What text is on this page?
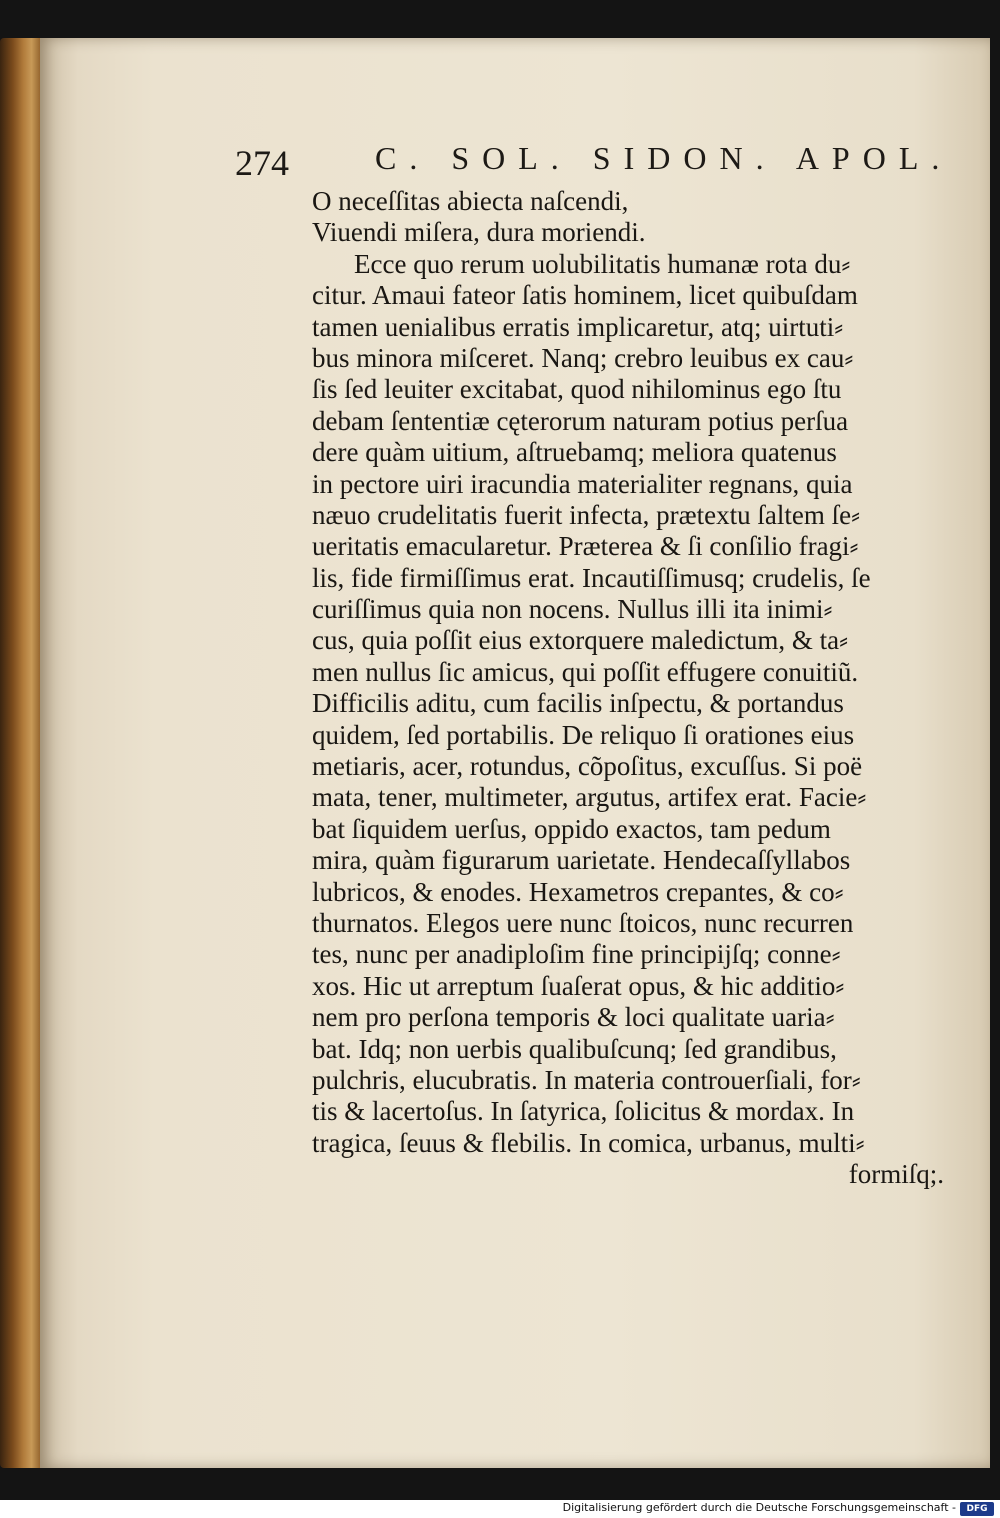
274	C. SOL. SIDON. APOL.
O neceſſitas abiecta naſcendi,
Viuendi miſera, dura moriendi.
Ecce quo rerum uolubilitatis humanæ rota du⸗
citur. Amaui fateor ſatis hominem, licet quibuſdam
tamen uenialibus erratis implicaretur, atq; uirtuti⸗
bus minora miſceret. Nanq; crebro leuibus ex cau⸗
ſis ſed leuiter excitabat, quod nihilominus ego ſtu
debam ſententiæ cęterorum naturam potius perſua
dere quàm uitium, aſtruebamq; meliora quatenus
in pectore uiri iracundia materialiter regnans, quia
næuo crudelitatis fuerit infecta, prætextu ſaltem ſe⸗
ueritatis emacularetur. Præterea & ſi conſilio fragi⸗
lis, fide firmiſſimus erat. Incautiſſimusq; crudelis, ſe
curiſſimus quia non nocens. Nullus illi ita inimi⸗
cus, quia poſſit eius extorquere maledictum, & ta⸗
men nullus ſic amicus, qui poſſit effugere conuitiũ.
Difficilis aditu, cum facilis inſpectu, & portandus
quidem, ſed portabilis. De reliquo ſi orationes eius
metiaris, acer, rotundus, cõpoſitus, excuſſus. Si poë
mata, tener, multimeter, argutus, artifex erat. Facie⸗
bat ſiquidem uerſus, oppido exactos, tam pedum
mira, quàm figurarum uarietate. Hendecaſſyllabos
lubricos, & enodes. Hexametros crepantes, & co⸗
thurnatos. Elegos uere nunc ſtoicos, nunc recurren
tes, nunc per anadiploſim fine principijſq; conne⸗
xos. Hic ut arreptum ſuaſerat opus, & hic additio⸗
nem pro perſona temporis & loci qualitate uaria⸗
bat. Idq; non uerbis qualibuſcunq; ſed grandibus,
pulchris, elucubratis. In materia controuerſiali, for⸗
tis & lacertoſus. In ſatyrica, ſolicitus & mordax. In
tragica, ſeuus & flebilis. In comica, urbanus, multi⸗
formiſq;.
Digitalisierung gefördert durch die Deutsche Forschungsgemeinschaft -	DFG
